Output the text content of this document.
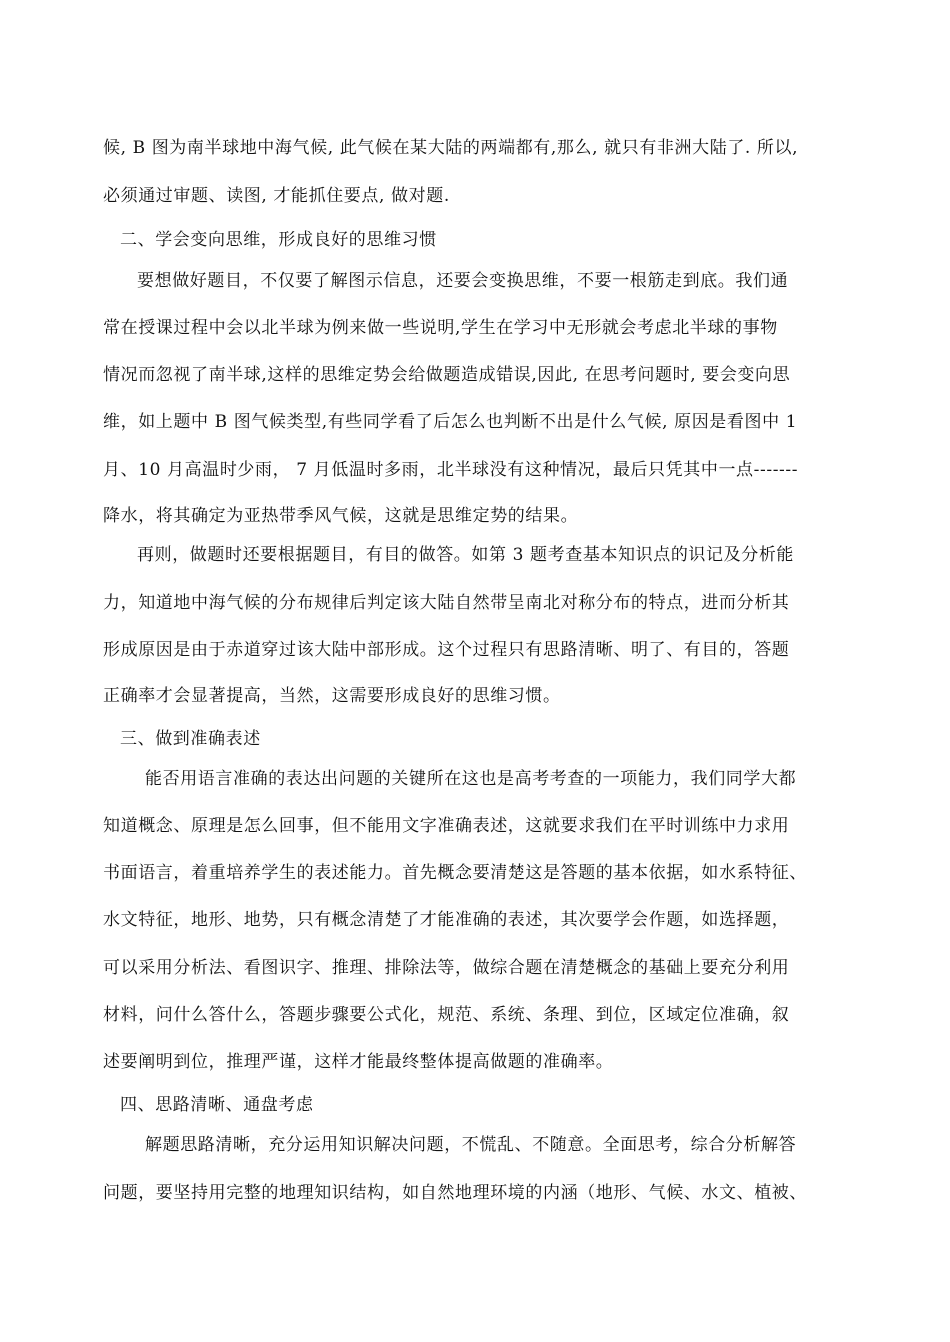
候, B 图为南半球地中海气候, 此气候在某大陆的两端都有,那么, 就只有非洲大陆了. 所以,
必须通过审题、读图, 才能抓住要点, 做对题.
二、学会变向思维，形成良好的思维习惯
要想做好题目，不仅要了解图示信息，还要会变换思维，不要一根筋走到底。我们通
常在授课过程中会以北半球为例来做一些说明,学生在学习中无形就会考虑北半球的事物
情况而忽视了南半球,这样的思维定势会给做题造成错误,因此, 在思考问题时, 要会变向思
维，如上题中 B 图气候类型,有些同学看了后怎么也判断不出是什么气候, 原因是看图中 1
月、10 月高温时少雨， 7 月低温时多雨，北半球没有这种情况，最后只凭其中一点-------
降水，将其确定为亚热带季风气候，这就是思维定势的结果。
再则，做题时还要根据题目，有目的做答。如第 3 题考查基本知识点的识记及分析能
力，知道地中海气候的分布规律后判定该大陆自然带呈南北对称分布的特点，进而分析其
形成原因是由于赤道穿过该大陆中部形成。这个过程只有思路清晰、明了、有目的，答题
正确率才会显著提高，当然，这需要形成良好的思维习惯。
三、做到准确表述
能否用语言准确的表达出问题的关键所在这也是高考考查的一项能力，我们同学大都
知道概念、原理是怎么回事，但不能用文字准确表述，这就要求我们在平时训练中力求用
书面语言，着重培养学生的表述能力。首先概念要清楚这是答题的基本依据，如水系特征、
水文特征，地形、地势，只有概念清楚了才能准确的表述，其次要学会作题，如选择题，
可以采用分析法、看图识字、推理、排除法等，做综合题在清楚概念的基础上要充分利用
材料，问什么答什么，答题步骤要公式化，规范、系统、条理、到位，区域定位准确，叙
述要阐明到位，推理严谨，这样才能最终整体提高做题的准确率。
四、思路清晰、通盘考虑
解题思路清晰，充分运用知识解决问题，不慌乱、不随意。全面思考，综合分析解答
问题，要坚持用完整的地理知识结构，如自然地理环境的内涵（地形、气候、水文、植被、
